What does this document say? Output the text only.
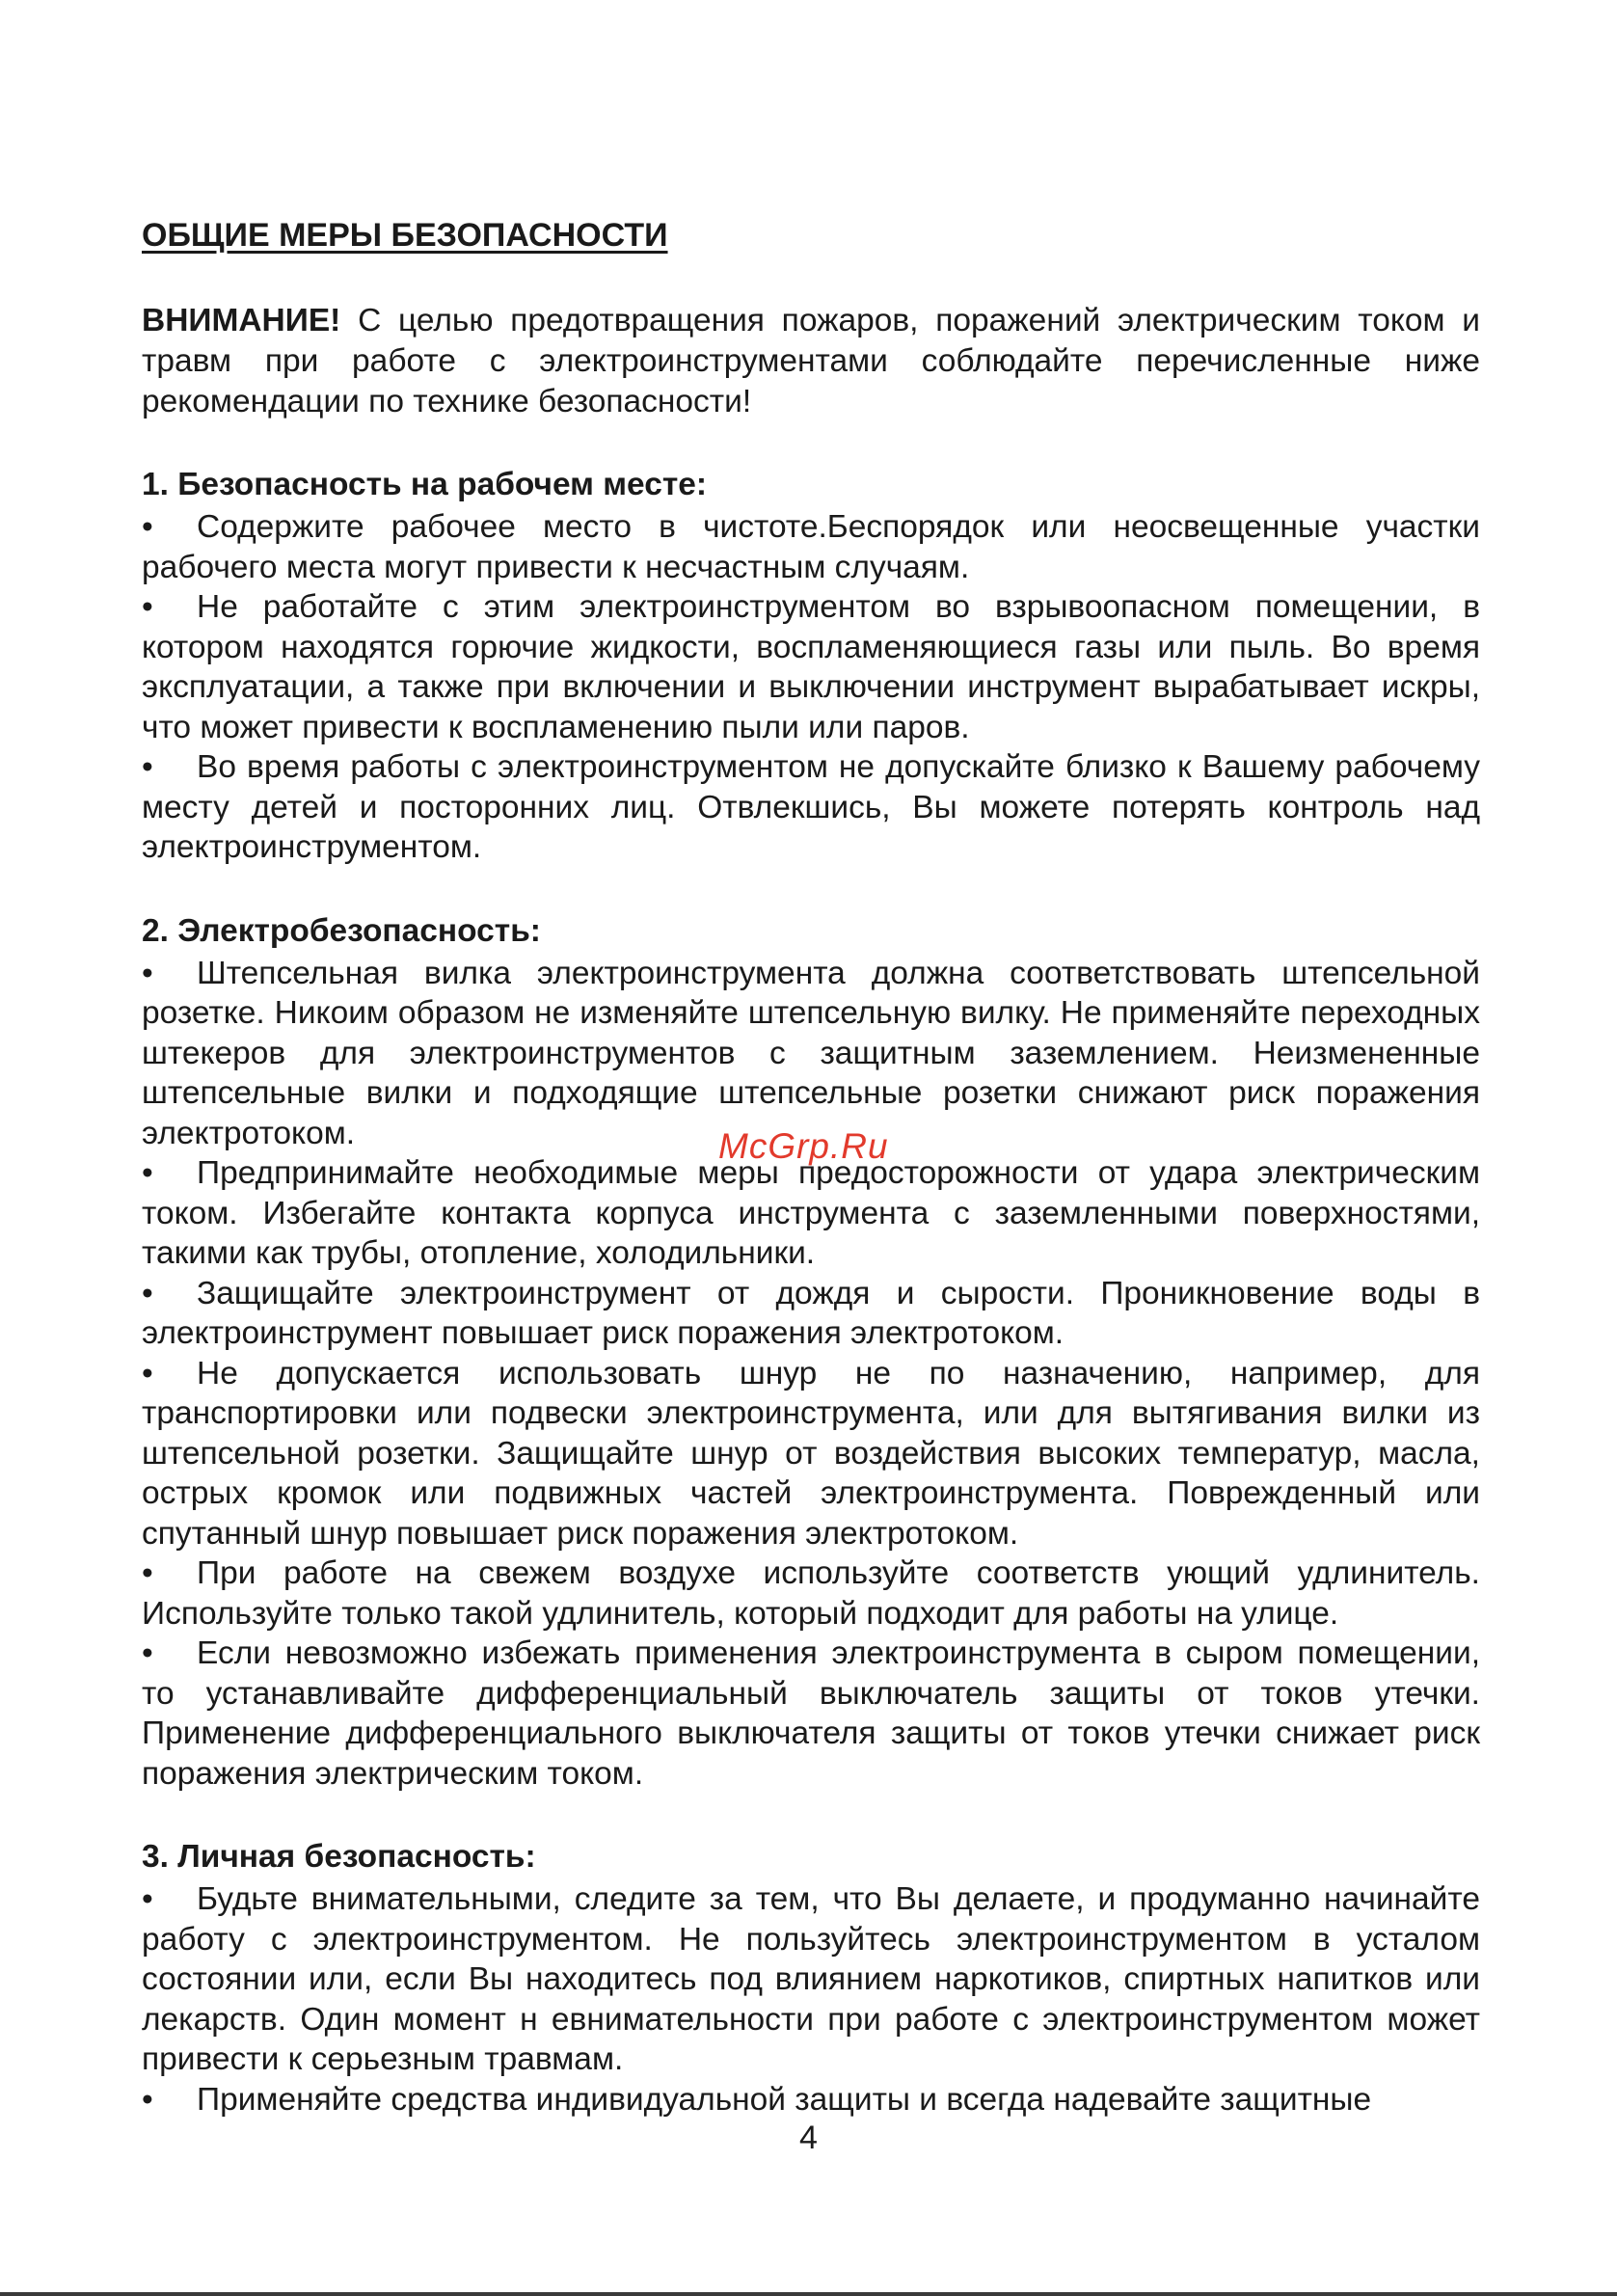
ОБЩИЕ МЕРЫ БЕЗОПАСНОСТИ

ВНИМАНИЕ! С целью предотвращения пожаров, поражений электрическим током и травм при работе с электроинструментами соблюдайте перечисленные ниже рекомендации по технике безопасности!

1. Безопасность на рабочем месте:
• Содержите рабочее место в чистоте.Беспорядок или неосвещенные участки рабочего места могут привести к несчастным случаям.
• Не работайте с этим электроинструментом во взрывоопасном помещении, в котором находятся горючие жидкости, воспламеняющиеся газы или пыль. Во время эксплуатации, а также при включении и выключении инструмент вырабатывает искры, что может привести к воспламенению пыли или паров.
• Во время работы с электроинструментом не допускайте близко к Вашему рабочему месту детей и посторонних лиц. Отвлекшись, Вы можете потерять контроль над электроинструментом.
2. Электробезопасность:
• Штепсельная вилка электроинструмента должна соответствовать штепсельной розетке. Никоим образом не изменяйте штепсельную вилку. Не применяйте переходных штекеров для электроинструментов с защитным заземлением. Неизмененные штепсельные вилки и подходящие штепсельные розетки снижают риск поражения электротоком.
• Предпринимайте необходимые меры предосторожности от удара электрическим током. Избегайте контакта корпуса инструмента с заземленными поверхностями, такими как трубы, отопление, холодильники.
• Защищайте электроинструмент от дождя и сырости. Проникновение воды в электроинструмент повышает риск поражения электротоком.
• Не допускается использовать шнур не по назначению, например, для транспортировки или подвески электроинструмента, или для вытягивания вилки из штепсельной розетки. Защищайте шнур от воздействия высоких температур, масла, острых кромок или подвижных частей электроинструмента. Поврежденный или спутанный шнур повышает риск поражения электротоком.
• При работе на свежем воздухе используйте соответств ующий удлинитель. Используйте только такой удлинитель, который подходит для работы на улице.
• Если невозможно избежать применения электроинструмента в сыром помещении, то устанавливайте дифференциальный выключатель защиты от токов утечки. Применение дифференциального выключателя защиты от токов утечки снижает риск поражения электрическим током.
3. Личная безопасность:
• Будьте внимательными, следите за тем, что Вы делаете, и продуманно начинайте работу с электроинструментом. Не пользуйтесь электроинструментом в усталом состоянии или, если Вы находитесь под влиянием наркотиков, спиртных напитков или лекарств. Один момент н евнимательности при работе с электроинструментом может привести к серьезным травмам.
• Применяйте средства индивидуальной защиты и всегда надевайте защитные
McGrp.Ru
4
